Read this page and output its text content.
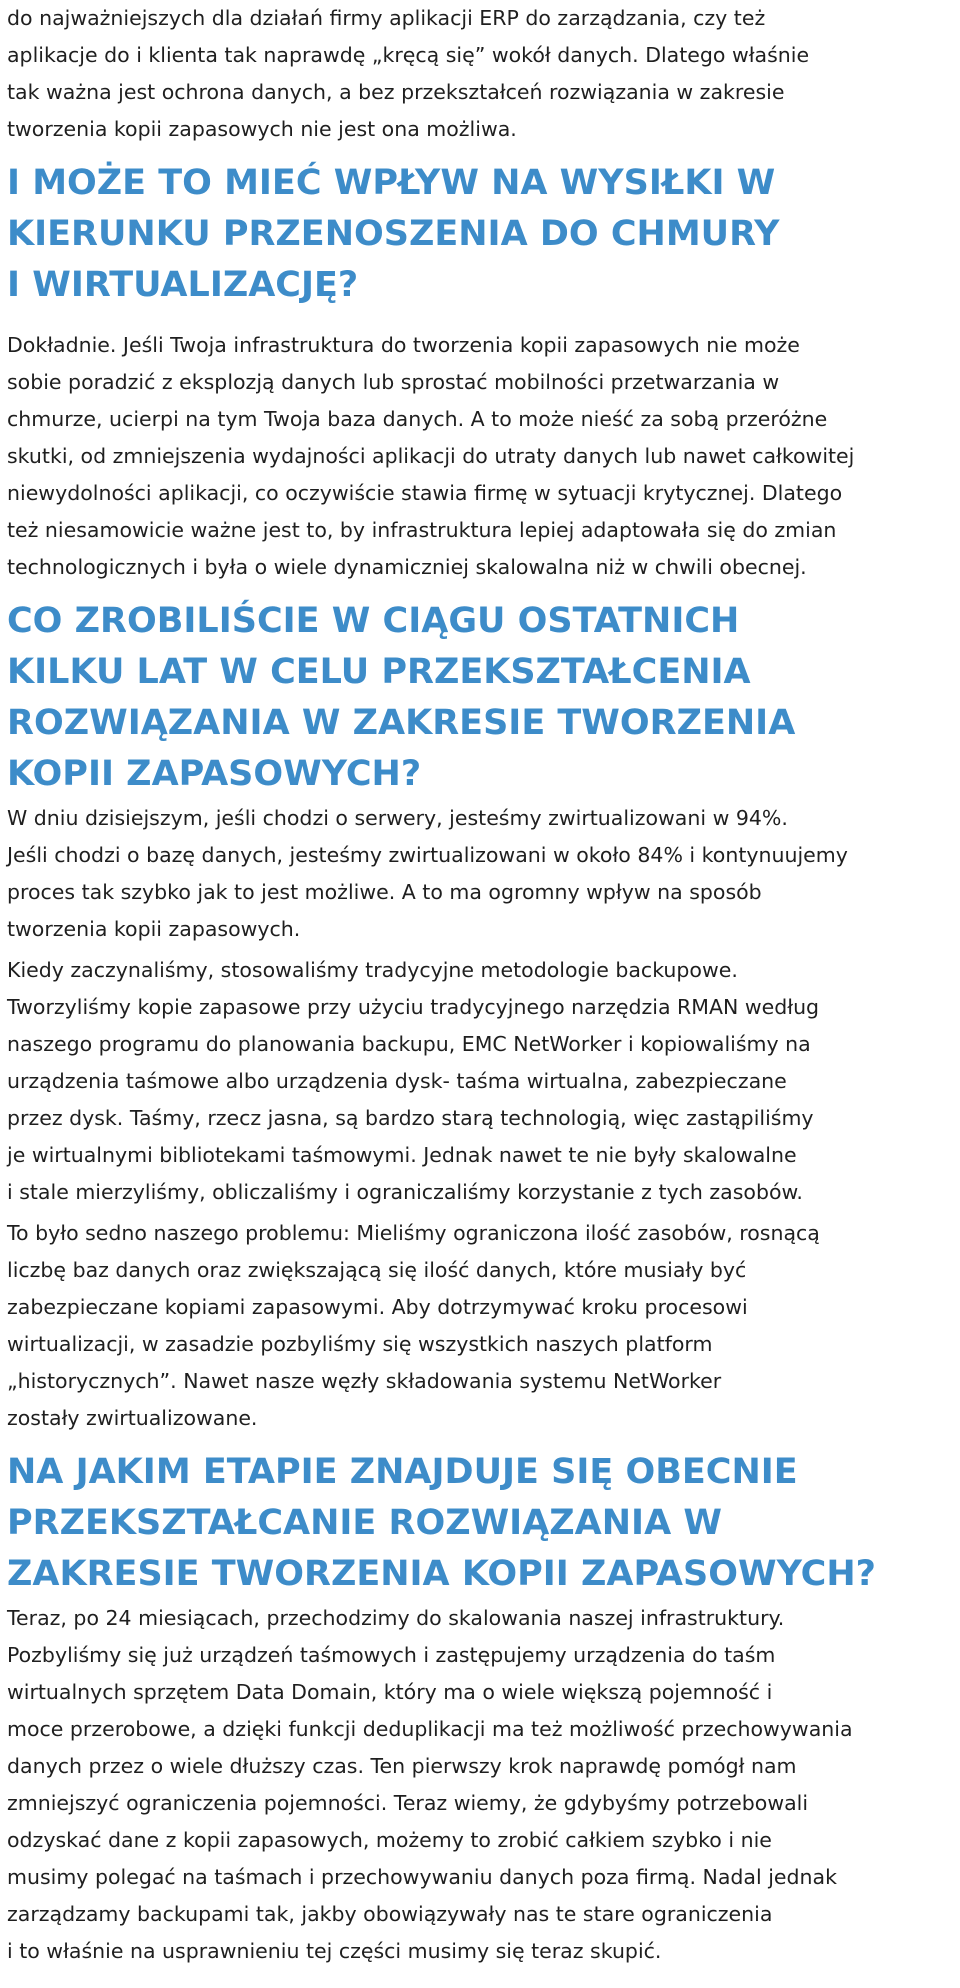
do najważniejszych dla działań firmy aplikacji ERP do zarządzania, czy też
aplikacje do i klienta tak naprawdę „kręcą się” wokół danych. Dlatego właśnie
tak ważna jest ochrona danych, a bez przekształceń rozwiązania w zakresie
tworzenia kopii zapasowych nie jest ona możliwa.
I MOŻE TO MIEĆ WPŁYW NA WYSIŁKI W
KIERUNKU PRZENOSZENIA DO CHMURY
I WIRTUALIZACJĘ?
Dokładnie. Jeśli Twoja infrastruktura do tworzenia kopii zapasowych nie może
sobie poradzić z eksplozją danych lub sprostać mobilności przetwarzania w
chmurze, ucierpi na tym Twoja baza danych. A to może nieść za sobą przeróżne
skutki, od zmniejszenia wydajności aplikacji do utraty danych lub nawet całkowitej
niewydolności aplikacji, co oczywiście stawia firmę w sytuacji krytycznej. Dlatego
też niesamowicie ważne jest to, by infrastruktura lepiej adaptowała się do zmian
technologicznych i była o wiele dynamiczniej skalowalna niż w chwili obecnej.
CO ZROBILIŚCIE W CIĄGU OSTATNICH
KILKU LAT W CELU PRZEKSZTAŁCENIA
ROZWIĄZANIA W ZAKRESIE TWORZENIA
KOPII ZAPASOWYCH?
W dniu dzisiejszym, jeśli chodzi o serwery, jesteśmy zwirtualizowani w 94%.
Jeśli chodzi o bazę danych, jesteśmy zwirtualizowani w około 84% i kontynuujemy
proces tak szybko jak to jest możliwe. A to ma ogromny wpływ na sposób
tworzenia kopii zapasowych.
Kiedy zaczynaliśmy, stosowaliśmy tradycyjne metodologie backupowe.
Tworzyliśmy kopie zapasowe przy użyciu tradycyjnego narzędzia RMAN według
naszego programu do planowania backupu, EMC NetWorker i kopiowaliśmy na
urządzenia taśmowe albo urządzenia dysk- taśma wirtualna, zabezpieczane
przez dysk. Taśmy, rzecz jasna, są bardzo starą technologią, więc zastąpiliśmy
je wirtualnymi bibliotekami taśmowymi. Jednak nawet te nie były skalowalne
i stale mierzyliśmy, obliczaliśmy i ograniczaliśmy korzystanie z tych zasobów.
To było sedno naszego problemu: Mieliśmy ograniczona ilość zasobów, rosnącą
liczbę baz danych oraz zwiększającą się ilość danych, które musiały być
zabezpieczane kopiami zapasowymi. Aby dotrzymywać kroku procesowi
wirtualizacji, w zasadzie pozbyliśmy się wszystkich naszych platform
„historycznych”. Nawet nasze węzły składowania systemu NetWorker
zostały zwirtualizowane.
NA JAKIM ETAPIE ZNAJDUJE SIĘ OBECNIE
PRZEKSZTAŁCANIE ROZWIĄZANIA W
ZAKRESIE TWORZENIA KOPII ZAPASOWYCH?
Teraz, po 24 miesiącach, przechodzimy do skalowania naszej infrastruktury.
Pozbyliśmy się już urządzeń taśmowych i zastępujemy urządzenia do taśm
wirtualnych sprzętem Data Domain, który ma o wiele większą pojemność i
moce przerobowe, a dzięki funkcji deduplikacji ma też możliwość przechowywania
danych przez o wiele dłuższy czas. Ten pierwszy krok naprawdę pomógł nam
zmniejszyć ograniczenia pojemności. Teraz wiemy, że gdybyśmy potrzebowali
odzyskać dane z kopii zapasowych, możemy to zrobić całkiem szybko i nie
musimy polegać na taśmach i przechowywaniu danych poza firmą. Nadal jednak
zarządzamy backupami tak, jakby obowiązywały nas te stare ograniczenia
i to właśnie na usprawnieniu tej części musimy się teraz skupić.
